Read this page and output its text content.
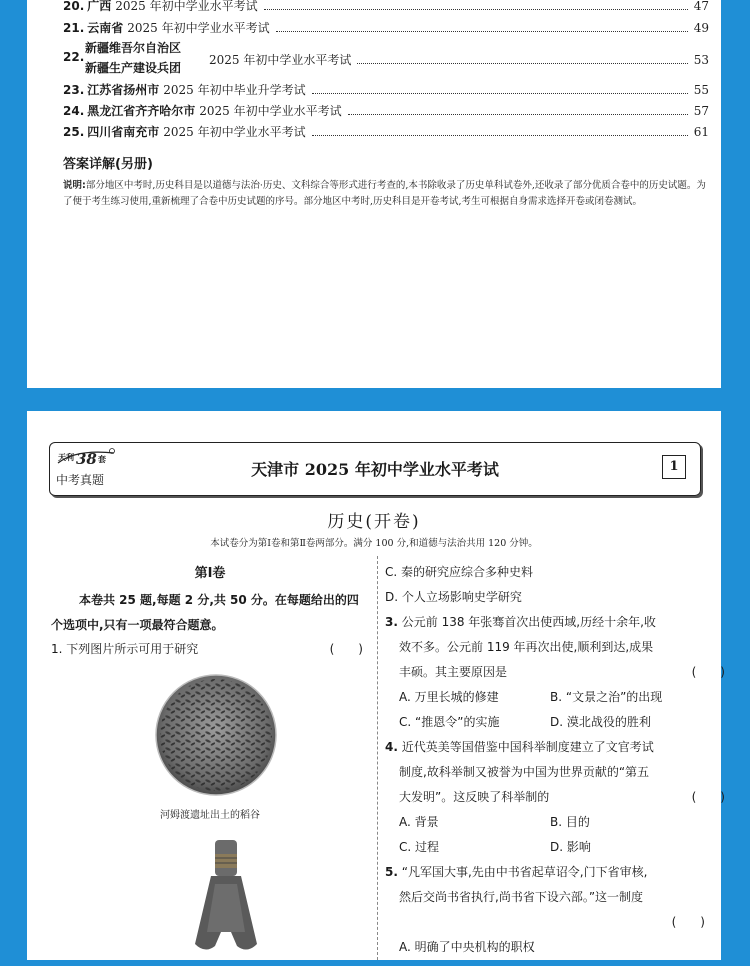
20. 广西 2025 年初中学业水平考试	47
21. 云南省 2025 年初中学业水平考试	49
22.
新疆维吾尔自治区
新疆生产建设兵团
2025 年初中学业水平考试	53
23. 江苏省扬州市 2025 年初中毕业升学考试	55
24. 黑龙江省齐齐哈尔市 2025 年初中学业水平考试	57
25. 四川省南充市 2025 年初中学业水平考试	61
答案详解(另册)
说明:部分地区中考时,历史科目是以道德与法治·历史、文科综合等形式进行考查的,本书除收录了历史单科试卷外,还收录了部分优质合卷中的历史试题。为了便于考生练习使用,重新梳理了合卷中历史试题的序号。部分地区中考时,历史科目是开卷考试,考生可根据自身需求选择开卷或闭卷测试。
天利 38 套
中考真题
天津市 2025 年初中学业水平考试	1
历史(开卷)
本试卷分为第Ⅰ卷和第Ⅱ卷两部分。满分 100 分,和道德与法治共用 120 分钟。
第Ⅰ卷
本卷共 25 题,每题 2 分,共 50 分。在每题给出的四个选项中,只有一项最符合题意。
1. 下列图片所示可用于研究	(　　)
河姆渡遗址出土的稻谷
C. 秦的研究应综合多种史料
D. 个人立场影响史学研究
3. 公元前 138 年张骞首次出使西域,历经十余年,收
效不多。公元前 119 年再次出使,顺利到达,成果
丰硕。其主要原因是	(　　)
A. 万里长城的修建	B. “文景之治”的出现
C. “推恩令”的实施	D. 漠北战役的胜利
4. 近代英美等国借鉴中国科举制度建立了文官考试
制度,故科举制又被誉为中国为世界贡献的“第五
大发明”。这反映了科举制的	(　　)
A. 背景	B. 目的
C. 过程	D. 影响
5. “凡军国大事,先由中书省起草诏令,门下省审核,
然后交尚书省执行,尚书省下设六部。”这一制度
(　　)
A. 明确了中央机构的职权
